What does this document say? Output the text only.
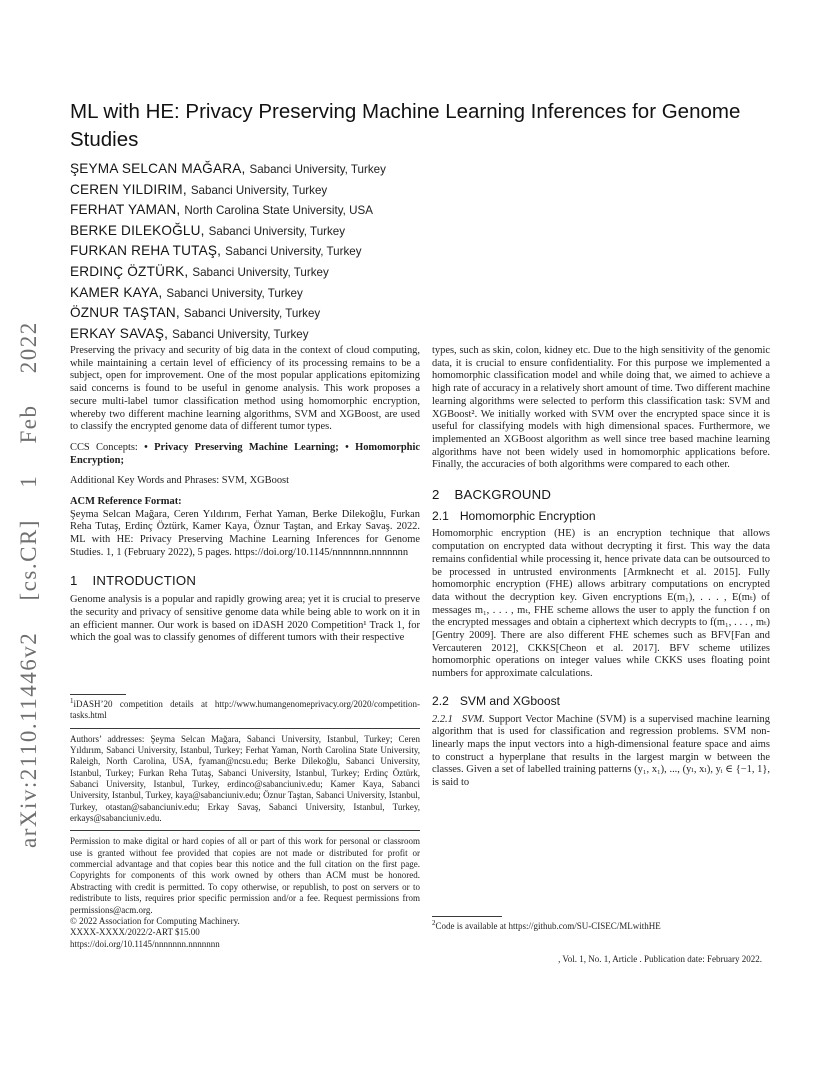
arXiv:2110.11446v2 [cs.CR] 1 Feb 2022
ML with HE: Privacy Preserving Machine Learning Inferences for Genome Studies
ŞEYMA SELCAN MAĞARA, Sabanci University, Turkey
CEREN YILDIRIM, Sabanci University, Turkey
FERHAT YAMAN, North Carolina State University, USA
BERKE DILEKOĞLU, Sabanci University, Turkey
FURKAN REHA TUTAŞ, Sabanci University, Turkey
ERDINÇ ÖZTÜRK, Sabanci University, Turkey
KAMER KAYA, Sabanci University, Turkey
ÖZNUR TAŞTAN, Sabanci University, Turkey
ERKAY SAVAŞ, Sabanci University, Turkey

Preserving the privacy and security of big data in the context of cloud computing, while maintaining a certain level of efficiency of its processing remains to be a subject, open for improvement. One of the most popular applications epitomizing said concerns is found to be useful in genome analysis. This work proposes a secure multi-label tumor classification method using homomorphic encryption, whereby two different machine learning algorithms, SVM and XGBoost, are used to classify the encrypted genome data of different tumor types.

CCS Concepts: • Privacy Preserving Machine Learning; • Homomorphic Encryption;

Additional Key Words and Phrases: SVM, XGBoost

ACM Reference Format:

Şeyma Selcan Mağara, Ceren Yıldırım, Ferhat Yaman, Berke Dilekoğlu, Furkan Reha Tutaş, Erdinç Öztürk, Kamer Kaya, Öznur Taştan, and Erkay Savaş. 2022. ML with HE: Privacy Preserving Machine Learning Inferences for Genome Studies. 1, 1 (February 2022), 5 pages. https://doi.org/10.1145/nnnnnnn.nnnnnnn

1 INTRODUCTION

Genome analysis is a popular and rapidly growing area; yet it is crucial to preserve the security and privacy of sensitive genome data while being able to work on it in an efficient manner. Our work is based on iDASH 2020 Competition¹ Track 1, for which the goal was to classify genomes of different tumors with their respective

$^1$iDASH’20 competition details at http://www.humangenomeprivacy.org/2020/competition-tasks.html

Authors’ addresses: Şeyma Selcan Mağara, Sabanci University, Istanbul, Turkey; Ceren Yıldırım, Sabanci University, Istanbul, Turkey; Ferhat Yaman, North Carolina State University, Raleigh, North Carolina, USA, fyaman@ncsu.edu; Berke Dilekoğlu, Sabanci University, Istanbul, Turkey; Furkan Reha Tutaş, Sabanci University, Istanbul, Turkey; Erdinç Öztürk, Sabanci University, Istanbul, Turkey, erdinco@sabanciuniv.edu; Kamer Kaya, Sabanci University, Istanbul, Turkey, kaya@sabanciuniv.edu; Öznur Taştan, Sabanci University, Istanbul, Turkey, otastan@sabanciuniv.edu; Erkay Savaş, Sabanci University, Istanbul, Turkey, erkays@sabanciuniv.edu.

Permission to make digital or hard copies of all or part of this work for personal or classroom use is granted without fee provided that copies are not made or distributed for profit or commercial advantage and that copies bear this notice and the full citation on the first page. Copyrights for components of this work owned by others than ACM must be honored. Abstracting with credit is permitted. To copy otherwise, or republish, to post on servers or to redistribute to lists, requires prior specific permission and/or a fee. Request permissions from permissions@acm.org.

© 2022 Association for Computing Machinery.

XXXX-XXXX/2022/2-ART $15.00

https://doi.org/10.1145/nnnnnnn.nnnnnnn

types, such as skin, colon, kidney etc. Due to the high sensitivity of the genomic data, it is crucial to ensure confidentiality. For this purpose we implemented a homomorphic classification model and while doing that, we aimed to achieve a high rate of accuracy in a relatively short amount of time. Two different machine learning algorithms were selected to perform this classification task: SVM and XGBoost². We initially worked with SVM over the encrypted space since it is useful for classifying models with high dimensional spaces. Furthermore, we implemented an XGBoost algorithm as well since tree based machine learning algorithms have not been widely used in homomorphic applications before. Finally, the accuracies of both algorithms were compared to each other.

2 BACKGROUND
2.1 Homomorphic Encryption

Homomorphic encryption (HE) is an encryption technique that allows computation on encrypted data without decrypting it first. This way the data remains confidential while processing it, hence private data can be outsourced to be processed in untrusted environments [Armknecht et al. 2015]. Fully homomorphic encryption (FHE) allows arbitrary computations on encrypted data without the decryption key. Given encryptions E(m₁), . . . , E(mₜ) of messages m₁, . . . , mₜ, FHE scheme allows the user to apply the function f on the encrypted messages and obtain a ciphertext which decrypts to f(m₁, . . . , mₜ) [Gentry 2009]. There are also different FHE schemes such as BFV[Fan and Vercauteren 2012], CKKS[Cheon et al. 2017]. BFV scheme utilizes homomorphic operations on integer values while CKKS uses floating point numbers for approximate calculations.

2.2 SVM and XGboost

2.2.1 SVM. Support Vector Machine (SVM) is a supervised machine learning algorithm that is used for classification and regression problems. SVM non-linearly maps the input vectors into a high-dimensional feature space and aims to construct a hyperplane that results in the largest margin w between the classes. Given a set of labelled training patterns (y₁, x₁), ..., (yₗ, xₗ), yᵢ ∈ {−1, 1}, is said to

$^2$Code is available at https://github.com/SU-CISEC/MLwithHE

, Vol. 1, No. 1, Article . Publication date: February 2022.
